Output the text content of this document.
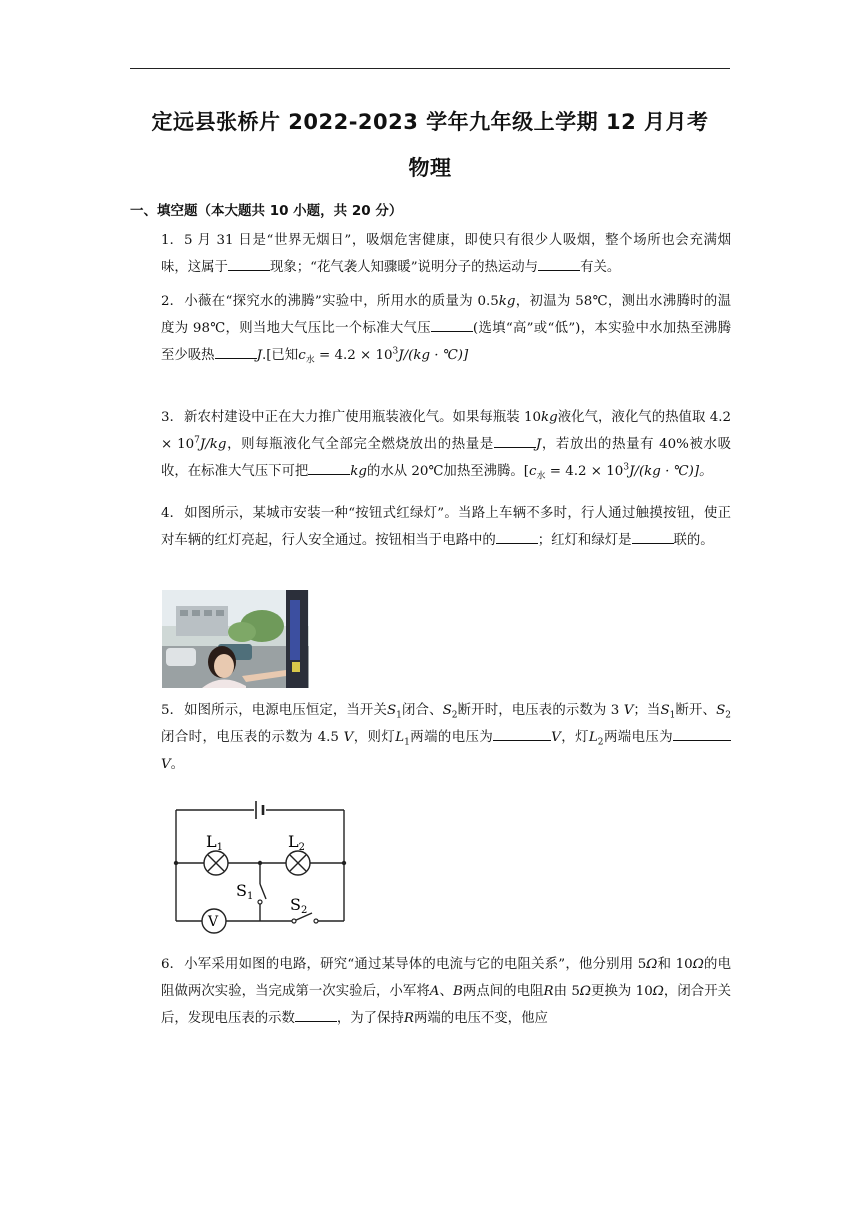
定远县张桥片 2022-2023 学年九年级上学期 12 月月考
物理
一、填空题（本大题共 10 小题，共 20 分）
1. 5 月 31 日是“世界无烟日”，吸烟危害健康，即使只有很少人吸烟，整个场所也会充满烟味，这属于	现象；“花气袭人知骤暖”说明分子的热运动与	有关。
2. 小薇在“探究水的沸腾”实验中，所用水的质量为 0.5kg，初温为 58℃，测出水沸腾时的温度为 98℃，则当地大气压比一个标准大气压	(选填“高”或“低”)，本实验中水加热至沸腾至少吸热	J.[已知$c_水 = 4.2 \times 10^3J/(kg$ · ℃)]
3. 新农村建设中正在大力推广使用瓶装液化气。如果每瓶装 10kg液化气，液化气的热值取 $4.2 \times 10^7J/kg$，则每瓶液化气全部完全燃烧放出的热量是	J，若放出的热量有 40%被水吸收，在标准大气压下可把	kg的水从 20℃加热至沸腾。[$c_水 = 4.2 \times 10^3J/(kg$ · ℃)]。
4. 如图所示，某城市安装一种“按钮式红绿灯”。当路上车辆不多时，行人通过触摸按钮，使正对车辆的红灯亮起，行人安全通过。按钮相当于电路中的	；红灯和绿灯是	联的。
5. 如图所示，电源电压恒定，当开关$S_1$闭合、$S_2$断开时，电压表的示数为 3 V；当$S_1$断开、$S_2$闭合时，电压表的示数为 4.5 V，则灯$L_1$两端的电压为	V，灯$L_2$两端电压为V。
L1	L2
S1 S2
V
6. 小军采用如图的电路，研究“通过某导体的电流与它的电阻关系”，他分别用 5Ω和 10Ω的电阻做两次实验，当完成第一次实验后，小军将A、B两点间的电阻R由 5Ω更换为 10Ω，闭合开关后，发现电压表的示数	，为了保持R两端的电压不变，他应
